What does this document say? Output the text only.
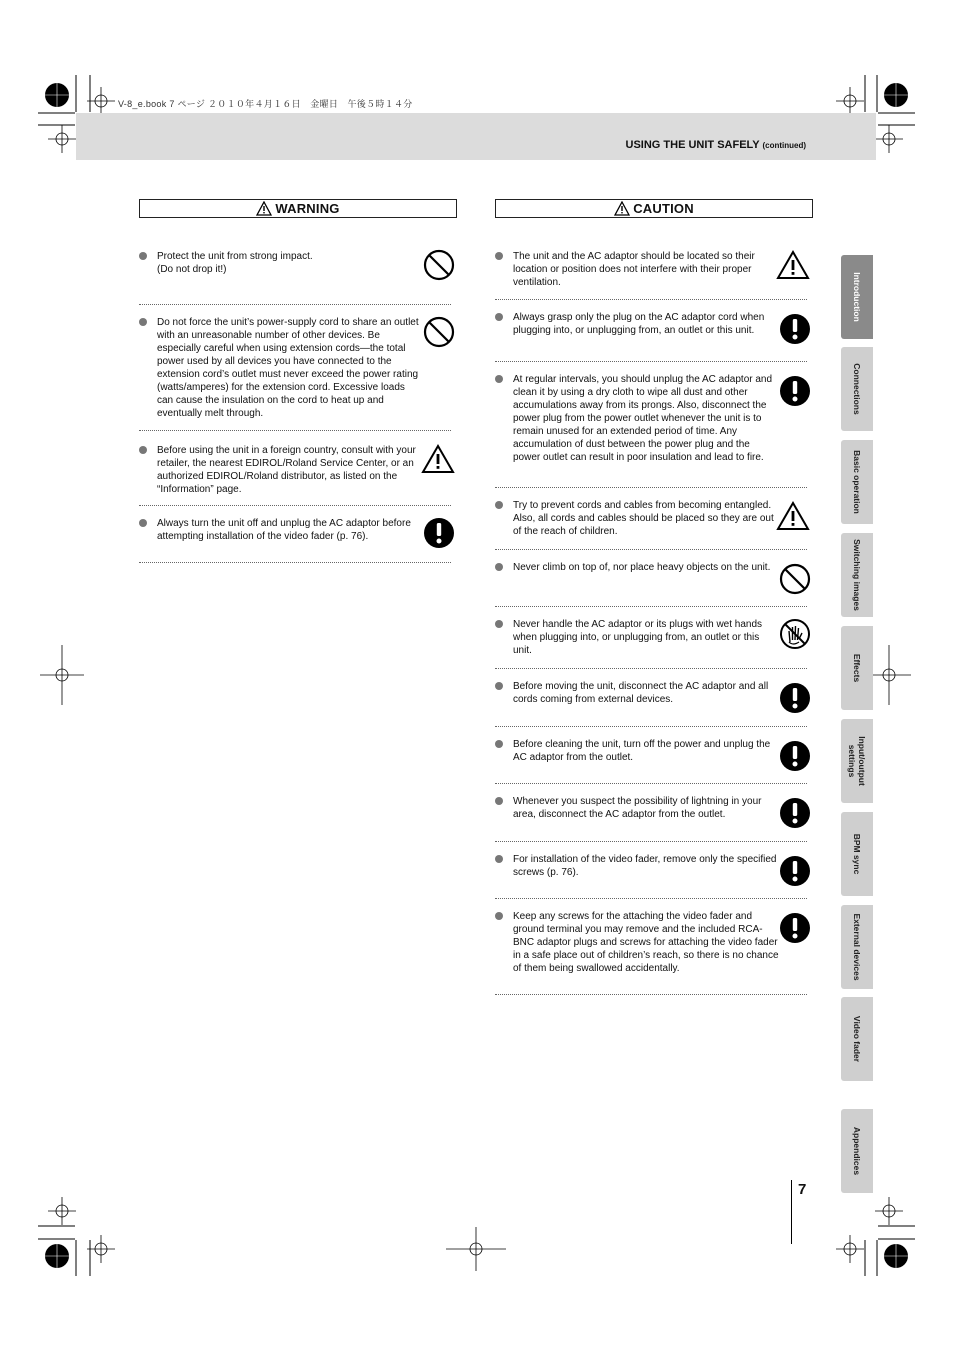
V-8_e.book 7 ページ ２０１０年４月１６日　金曜日　午後５時１４分
USING THE UNIT SAFELY (continued)
WARNING
Protect the unit from strong impact.
(Do not drop it!)
Do not force the unit’s power-supply cord to share an outlet with an unreasonable number of other devices. Be especially careful when using extension cords—the total power used by all devices you have connected to the extension cord’s outlet must never exceed the power rating (watts/amperes) for the extension cord. Excessive loads can cause the insulation on the cord to heat up and eventually melt through.
Before using the unit in a foreign country, consult with your retailer, the nearest EDIROL/Roland Service Center, or an authorized EDIROL/Roland distributor, as listed on the “Information” page.
Always turn the unit off and unplug the AC adaptor before attempting installation of the video fader (p. 76).
CAUTION
The unit and the AC adaptor should be located so their location or position does not interfere with their proper ventilation.
Always grasp only the plug on the AC adaptor cord when plugging into, or unplugging from, an outlet or this unit.
At regular intervals, you should unplug the AC adaptor and clean it by using a dry cloth to wipe all dust and other accumulations away from its prongs. Also, disconnect the power plug from the power outlet whenever the unit is to remain unused for an extended period of time. Any accumulation of dust between the power plug and the power outlet can result in poor insulation and lead to fire.
Try to prevent cords and cables from becoming entangled. Also, all cords and cables should be placed so they are out of the reach of children.
Never climb on top of, nor place heavy objects on the unit.
Never handle the AC adaptor or its plugs with wet hands when plugging into, or unplugging from, an outlet or this unit.
Before moving the unit, disconnect the AC adaptor and all cords coming from external devices.
Before cleaning the unit, turn off the power and unplug the AC adaptor from the outlet.
Whenever you suspect the possibility of lightning in your area, disconnect the AC adaptor from the outlet.
For installation of the video fader, remove only the specified screws (p. 76).
Keep any screws for the attaching the video fader and ground terminal you may remove and the included RCA-BNC adaptor plugs and screws for attaching the video fader in a safe place out of children’s reach, so there is no chance of them being swallowed accidentally.
Introduction
Connections
Basic operation
Switching images
Effects
Input/output settings
BPM sync
External devices
Video fader
Appendices
7
